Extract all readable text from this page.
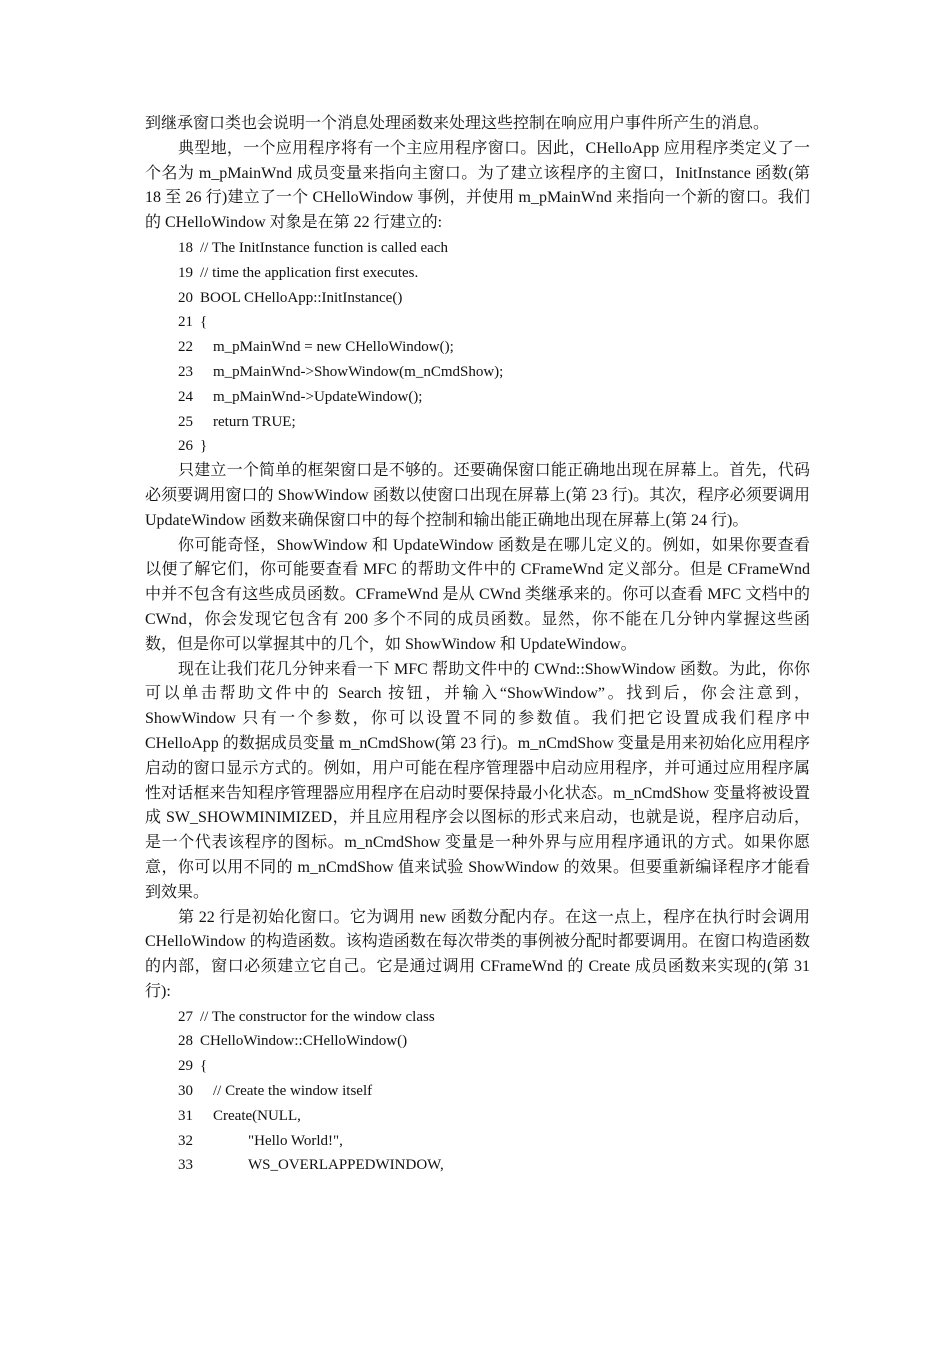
到继承窗口类也会说明一个消息处理函数来处理这些控制在响应用户事件所产生的消息。

典型地，一个应用程序将有一个主应用程序窗口。因此，CHelloApp 应用程序类定义了一个名为 m_pMainWnd 成员变量来指向主窗口。为了建立该程序的主窗口，InitInstance 函数(第 18 至 26 行)建立了一个 CHelloWindow 事例，并使用 m_pMainWnd 来指向一个新的窗口。我们的 CHelloWindow 对象是在第 22 行建立的:

18 // The InitInstance function is called each
19 // time the application first executes.
20 BOOL CHelloApp::InitInstance()
21 {
22 m_pMainWnd = new CHelloWindow();
23 m_pMainWnd->ShowWindow(m_nCmdShow);
24 m_pMainWnd->UpdateWindow();
25 return TRUE;
26 }

只建立一个简单的框架窗口是不够的。还要确保窗口能正确地出现在屏幕上。首先，代码必须要调用窗口的 ShowWindow 函数以使窗口出现在屏幕上(第 23 行)。其次，程序必须要调用 UpdateWindow 函数来确保窗口中的每个控制和输出能正确地出现在屏幕上(第 24 行)。

你可能奇怪，ShowWindow 和 UpdateWindow 函数是在哪儿定义的。例如，如果你要查看以便了解它们，你可能要查看 MFC 的帮助文件中的 CFrameWnd 定义部分。但是 CFrameWnd 中并不包含有这些成员函数。CFrameWnd 是从 CWnd 类继承来的。你可以查看 MFC 文档中的 CWnd，你会发现它包含有 200 多个不同的成员函数。显然，你不能在几分钟内掌握这些函数，但是你可以掌握其中的几个，如 ShowWindow 和 UpdateWindow。

现在让我们花几分钟来看一下 MFC 帮助文件中的 CWnd::ShowWindow 函数。为此，你你可以单击帮助文件中的 Search 按钮，并输入“ShowWindow”。找到后，你会注意到，ShowWindow 只有一个参数，你可以设置不同的参数值。我们把它设置成我们程序中 CHelloApp 的数据成员变量 m_nCmdShow(第 23 行)。m_nCmdShow 变量是用来初始化应用程序启动的窗口显示方式的。例如，用户可能在程序管理器中启动应用程序，并可通过应用程序属性对话框来告知程序管理器应用程序在启动时要保持最小化状态。m_nCmdShow 变量将被设置成 SW_SHOWMINIMIZED，并且应用程序会以图标的形式来启动，也就是说，程序启动后，是一个代表该程序的图标。m_nCmdShow 变量是一种外界与应用程序通讯的方式。如果你愿意，你可以用不同的 m_nCmdShow 值来试验 ShowWindow 的效果。但要重新编译程序才能看到效果。

第 22 行是初始化窗口。它为调用 new 函数分配内存。在这一点上，程序在执行时会调用 CHelloWindow 的构造函数。该构造函数在每次带类的事例被分配时都要调用。在窗口构造函数的内部，窗口必须建立它自己。它是通过调用 CFrameWnd 的 Create 成员函数来实现的(第 31 行):

27 // The constructor for the window class
28 CHelloWindow::CHelloWindow()
29 {
30 // Create the window itself
31 Create(NULL,
32	"Hello World!",
33	WS_OVERLAPPEDWINDOW,
